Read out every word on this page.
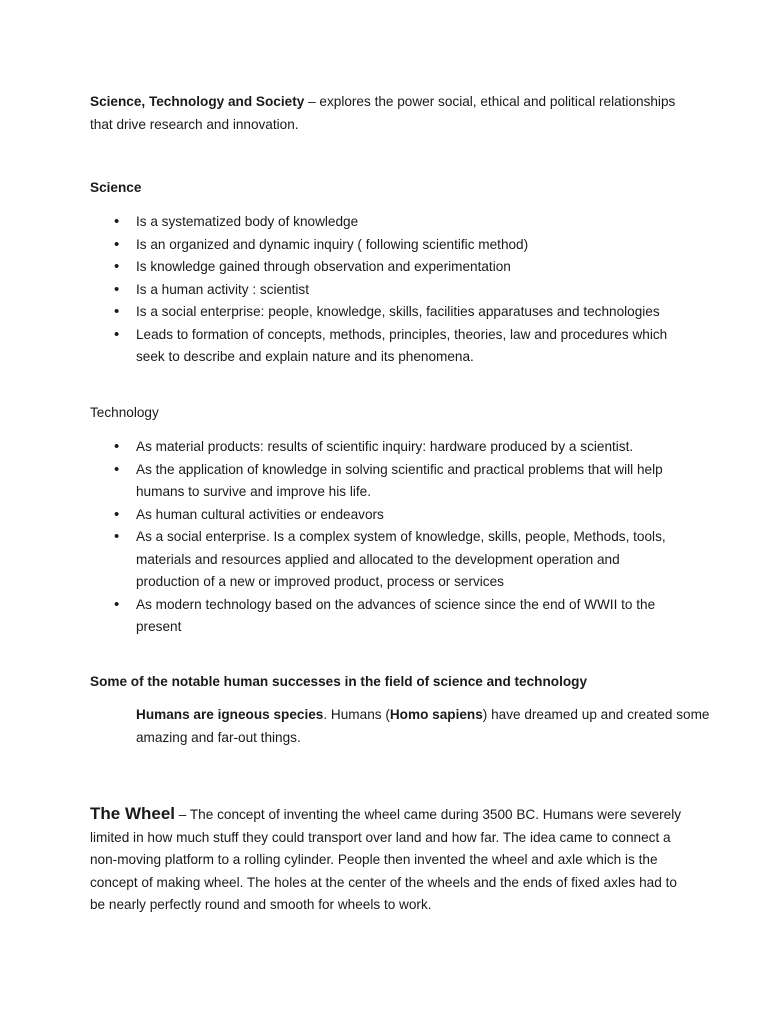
Science, Technology and Society – explores the power social, ethical and political relationships that drive research and innovation.

Science

• Is a systematized body of knowledge
• Is an organized and dynamic inquiry ( following scientific method)
• Is knowledge gained through observation and experimentation
• Is a human activity : scientist
• Is a social enterprise: people, knowledge, skills, facilities apparatuses and technologies
• Leads to formation of concepts, methods, principles, theories, law and procedures which seek to describe and explain nature and its phenomena.

Technology

• As material products: results of scientific inquiry: hardware produced by a scientist.
• As the application of knowledge in solving scientific and practical problems that will help humans to survive and improve his life.
• As human cultural activities or endeavors
• As a social enterprise. Is a complex system of knowledge, skills, people, Methods, tools, materials and resources applied and allocated to the development operation and production of a new or improved product, process or services
• As modern technology based on the advances of science since the end of WWII to the present

Some of the notable human successes in the field of science and technology

Humans are igneous species. Humans (Homo sapiens) have dreamed up and created some amazing and far-out things.

The Wheel – The concept of inventing the wheel came during 3500 BC. Humans were severely limited in how much stuff they could transport over land and how far. The idea came to connect a non-moving platform to a rolling cylinder. People then invented the wheel and axle which is the concept of making wheel. The holes at the center of the wheels and the ends of fixed axles had to be nearly perfectly round and smooth for wheels to work.
